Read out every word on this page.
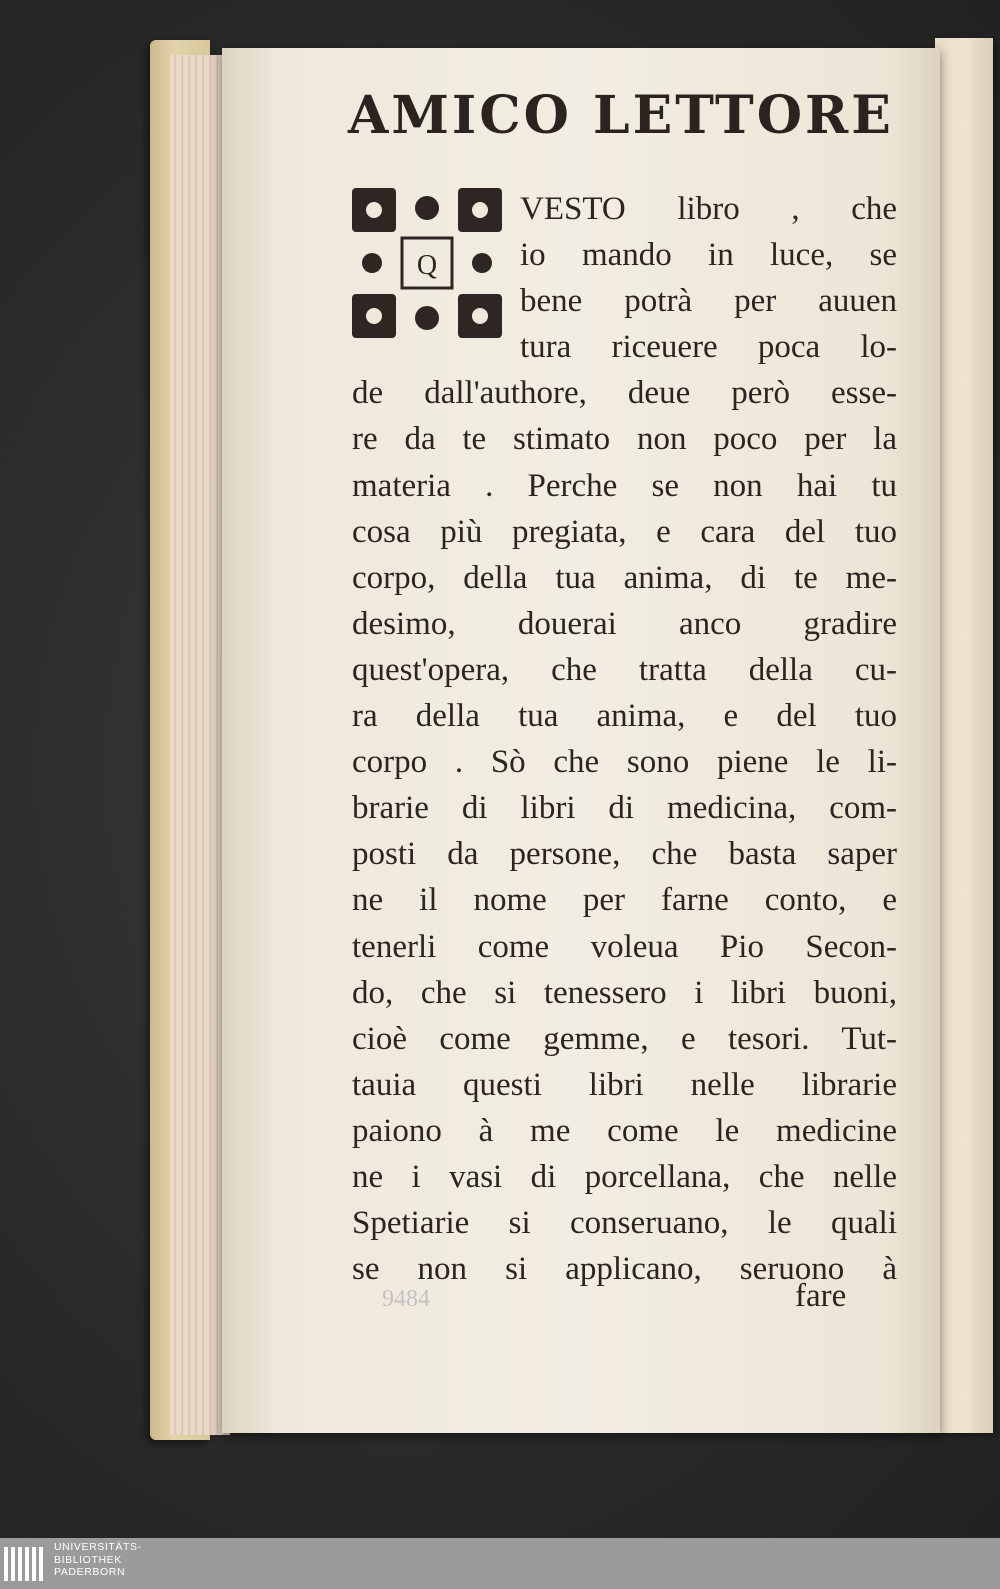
AMICO LETTORE
Q
VESTO libro , che
io mando in luce, se
bene potrà per auuen
tura riceuere poca lo-
de dall'authore, deue però esse-
re da te stimato non poco per la
materia . Perche se non hai tu
cosa più pregiata, e cara del tuo
corpo, della tua anima, di te me-
desimo, douerai anco gradire
quest'opera, che tratta della cu-
ra della tua anima, e del tuo
corpo . Sò che sono piene le li-
brarie di libri di medicina, com-
posti da persone, che basta saper
ne il nome per farne conto, e
tenerli come voleua Pio Secon-
do, che si tenessero i libri buoni,
cioè come gemme, e tesori. Tut-
tauia questi libri nelle librarie
paiono à me come le medicine
ne i vasi di porcellana, che nelle
Spetiarie si conseruano, le quali
se non si applicano, seruono à
9484	fare
UNIVERSITÄTS-
BIBLIOTHEK
PADERBORN
